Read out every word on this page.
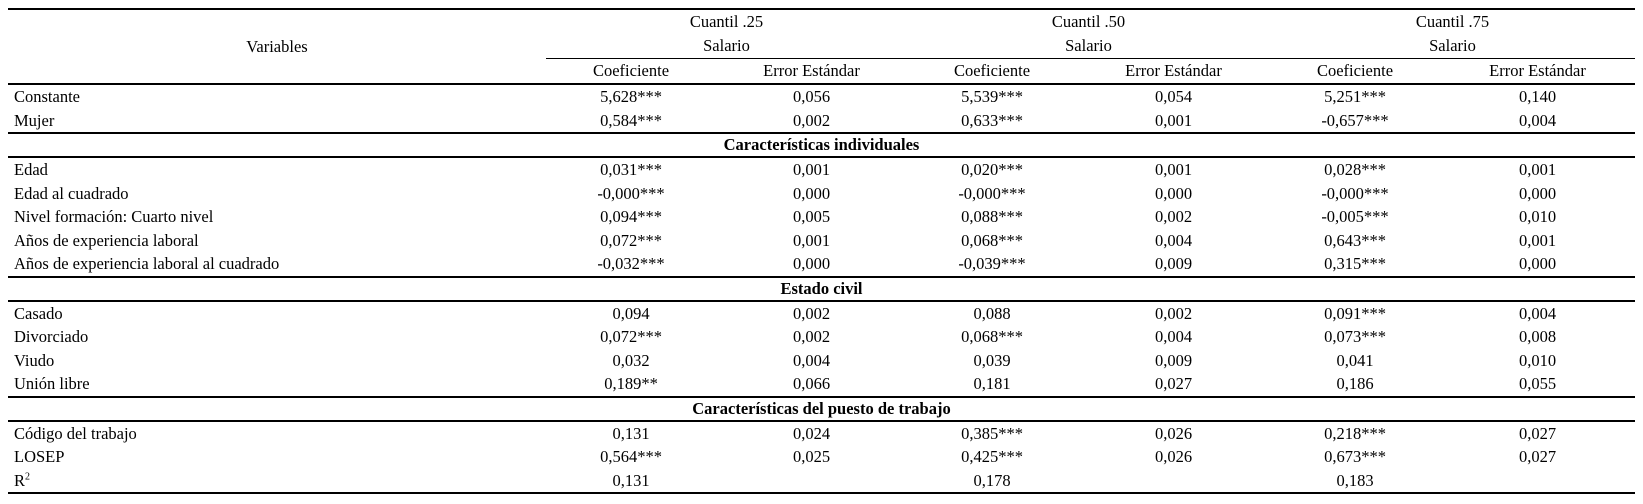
Variables	Cuantil .25		Cuantil .50		Cuantil .75	
	Salario		Salario		Salario	
	Coeficiente	Error Estándar	Coeficiente	Error Estándar	Coeficiente	Error Estándar
Constante	5,628***	0,056	5,539***	0,054	5,251***	0,140
Mujer	0,584***	0,002	0,633***	0,001	-0,657***	0,004
Características individuales						
Edad	0,031***	0,001	0,020***	0,001	0,028***	0,001
Edad al cuadrado	-0,000***	0,000	-0,000***	0,000	-0,000***	0,000
Nivel formación: Cuarto nivel	0,094***	0,005	0,088***	0,002	-0,005***	0,010
Años de experiencia laboral	0,072***	0,001	0,068***	0,004	0,643***	0,001
Años de experiencia laboral al cuadrado	-0,032***	0,000	-0,039***	0,009	0,315***	0,000
Estado civil						
Casado	0,094	0,002	0,088	0,002	0,091***	0,004
Divorciado	0,072***	0,002	0,068***	0,004	0,073***	0,008
Viudo	0,032	0,004	0,039	0,009	0,041	0,010
Unión libre	0,189**	0,066	0,181	0,027	0,186	0,055
Características del puesto de trabajo						
Código del trabajo	0,131	0,024	0,385***	0,026	0,218***	0,027
LOSEP	0,564***	0,025	0,425***	0,026	0,673***	0,027
$R^2$	0,131		0,178		0,183	
